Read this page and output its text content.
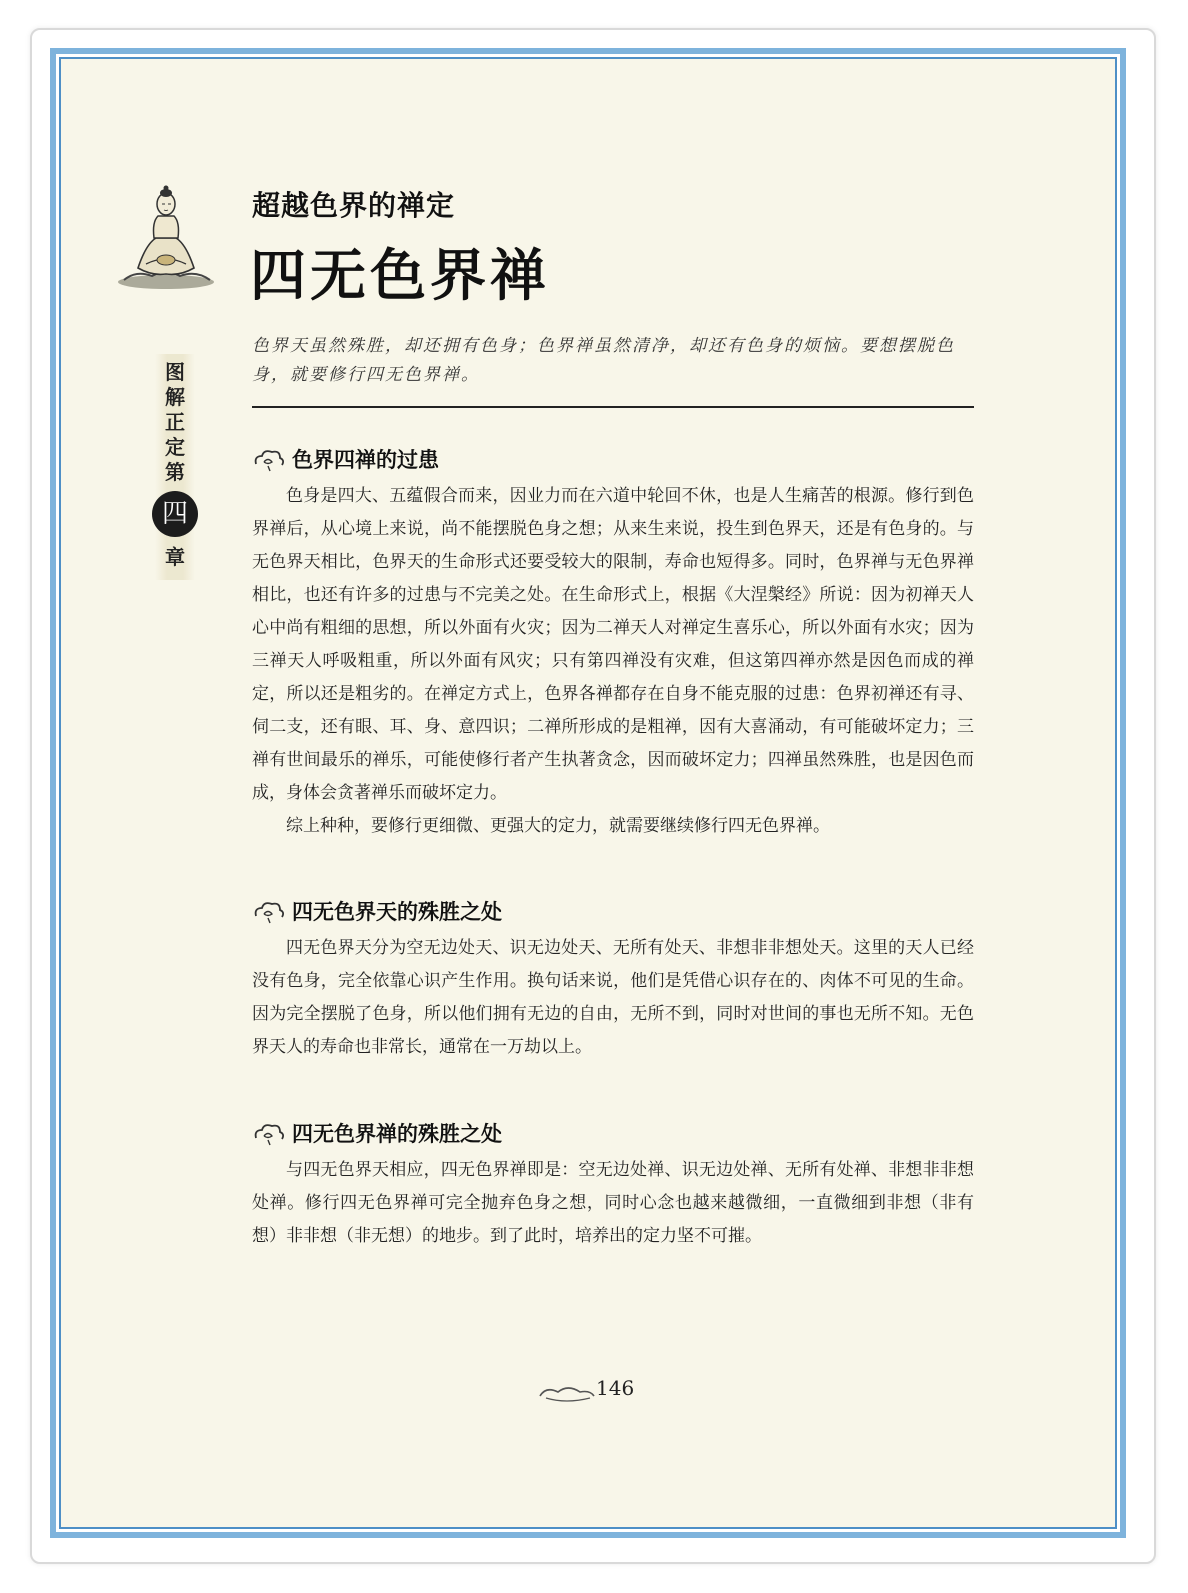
图
解
正
定
第
四
章
超越色界的禅定
四无色界禅
色界天虽然殊胜，却还拥有色身；色界禅虽然清净，却还有色身的烦恼。要想摆脱色身，就要修行四无色界禅。
色界四禅的过患

色身是四大、五蕴假合而来，因业力而在六道中轮回不休，也是人生痛苦的根源。修行到色界禅后，从心境上来说，尚不能摆脱色身之想；从来生来说，投生到色界天，还是有色身的。与无色界天相比，色界天的生命形式还要受较大的限制，寿命也短得多。同时，色界禅与无色界禅相比，也还有许多的过患与不完美之处。在生命形式上，根据《大涅槃经》所说：因为初禅天人心中尚有粗细的思想，所以外面有火灾；因为二禅天人对禅定生喜乐心，所以外面有水灾；因为三禅天人呼吸粗重，所以外面有风灾；只有第四禅没有灾难，但这第四禅亦然是因色而成的禅定，所以还是粗劣的。在禅定方式上，色界各禅都存在自身不能克服的过患：色界初禅还有寻、伺二支，还有眼、耳、身、意四识；二禅所形成的是粗禅，因有大喜涌动，有可能破坏定力；三禅有世间最乐的禅乐，可能使修行者产生执著贪念，因而破坏定力；四禅虽然殊胜，也是因色而成，身体会贪著禅乐而破坏定力。

综上种种，要修行更细微、更强大的定力，就需要继续修行四无色界禅。

四无色界天的殊胜之处

四无色界天分为空无边处天、识无边处天、无所有处天、非想非非想处天。这里的天人已经没有色身，完全依靠心识产生作用。换句话来说，他们是凭借心识存在的、肉体不可见的生命。因为完全摆脱了色身，所以他们拥有无边的自由，无所不到，同时对世间的事也无所不知。无色界天人的寿命也非常长，通常在一万劫以上。

四无色界禅的殊胜之处

与四无色界天相应，四无色界禅即是：空无边处禅、识无边处禅、无所有处禅、非想非非想处禅。修行四无色界禅可完全抛弃色身之想，同时心念也越来越微细，一直微细到非想（非有想）非非想（非无想）的地步。到了此时，培养出的定力坚不可摧。

146
